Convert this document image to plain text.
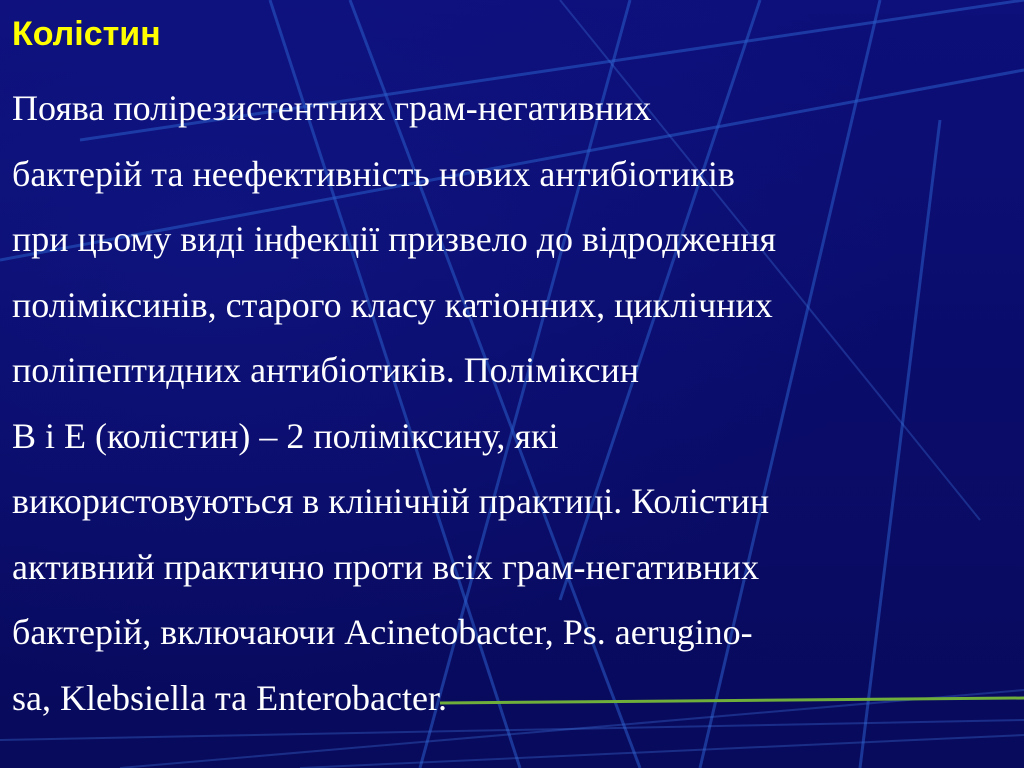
Колістин

Поява полірезистентних грам-негативних
бактерій та неефективність нових антибіотиків
при цьому виді інфекції призвело до відродження
поліміксинів, старого класу катіонних, циклічних
поліпептидних антибіотиків. Поліміксин
B і Е (колістин) – 2 поліміксину, які
використовуються в клінічній практиці. Колістин
активний практично проти всіх грам-негативних
бактерій, включаючи Acinetobacter, Ps. aerugino-
sa, Klebsiella та Enterobacter.
